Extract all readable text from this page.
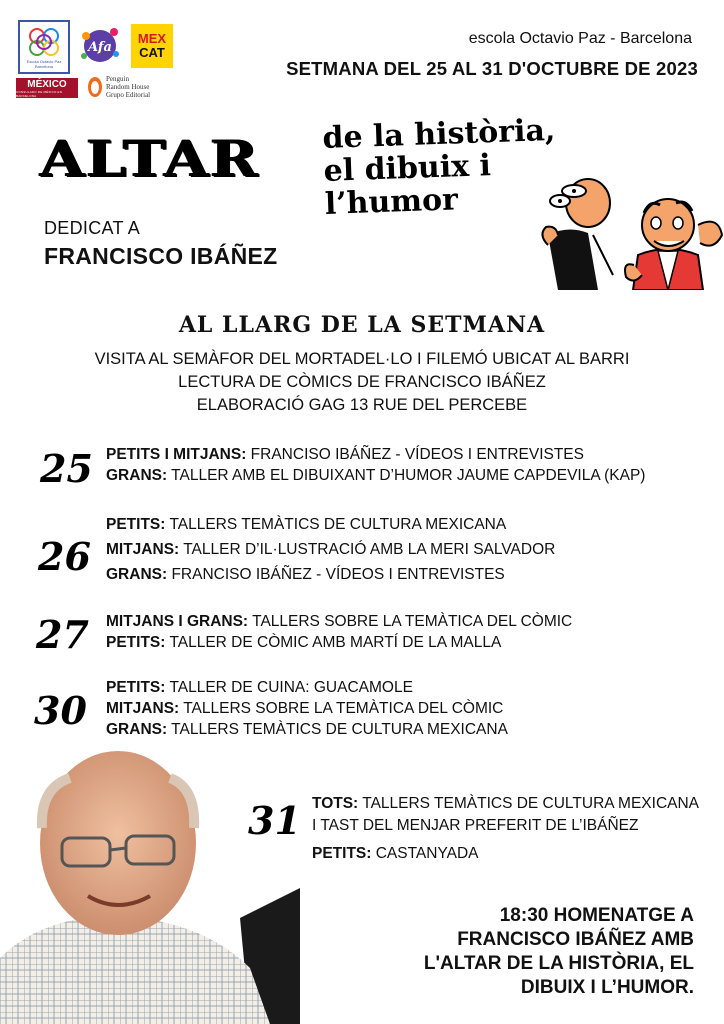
Escola Octavio Paz Barcelona
Afa
MEX
CAT
MÉXICO
CONSULADO DE MÉXICO EN BARCELONA
Penguin
Random House
Grupo Editorial
escola Octavio Paz - Barcelona
SETMANA DEL 25 AL 31 D'OCTUBRE DE 2023
ALTAR de la història,
el dibuix i
l’humor
DEDICAT A
FRANCISCO IBÁÑEZ
AL LLARG DE LA SETMANA
VISITA AL SEMÀFOR DEL MORTADEL·LO I FILEMÓ UBICAT AL BARRI
LECTURA DE CÒMICS DE FRANCISCO IBÁÑEZ
ELABORACIÓ GAG 13 RUE DEL PERCEBE
25 PETITS I MITJANS: FRANCISO IBÁÑEZ - VÍDEOS I ENTREVISTES
GRANS: TALLER AMB EL DIBUIXANT D’HUMOR JAUME CAPDEVILA (KAP)
26
PETITS: TALLERS TEMÀTICS DE CULTURA MEXICANA
MITJANS: TALLER D’IL·LUSTRACIÓ AMB LA MERI SALVADOR
GRANS: FRANCISO IBÁÑEZ - VÍDEOS I ENTREVISTES
27 MITJANS I GRANS: TALLERS SOBRE LA TEMÀTICA DEL CÒMIC
PETITS: TALLER DE CÒMIC AMB MARTÍ DE LA MALLA
30
PETITS: TALLER DE CUINA: GUACAMOLE
MITJANS: TALLERS SOBRE LA TEMÀTICA DEL CÒMIC
GRANS: TALLERS TEMÀTICS DE CULTURA MEXICANA
31 TOTS: TALLERS TEMÀTICS DE CULTURA MEXICANA
I TAST DEL MENJAR PREFERIT DE L’IBÁÑEZ
PETITS: CASTANYADA
18:30 HOMENATGE A
FRANCISCO IBÁÑEZ AMB
L'ALTAR DE LA HISTÒRIA, EL
DIBUIX I L’HUMOR.
